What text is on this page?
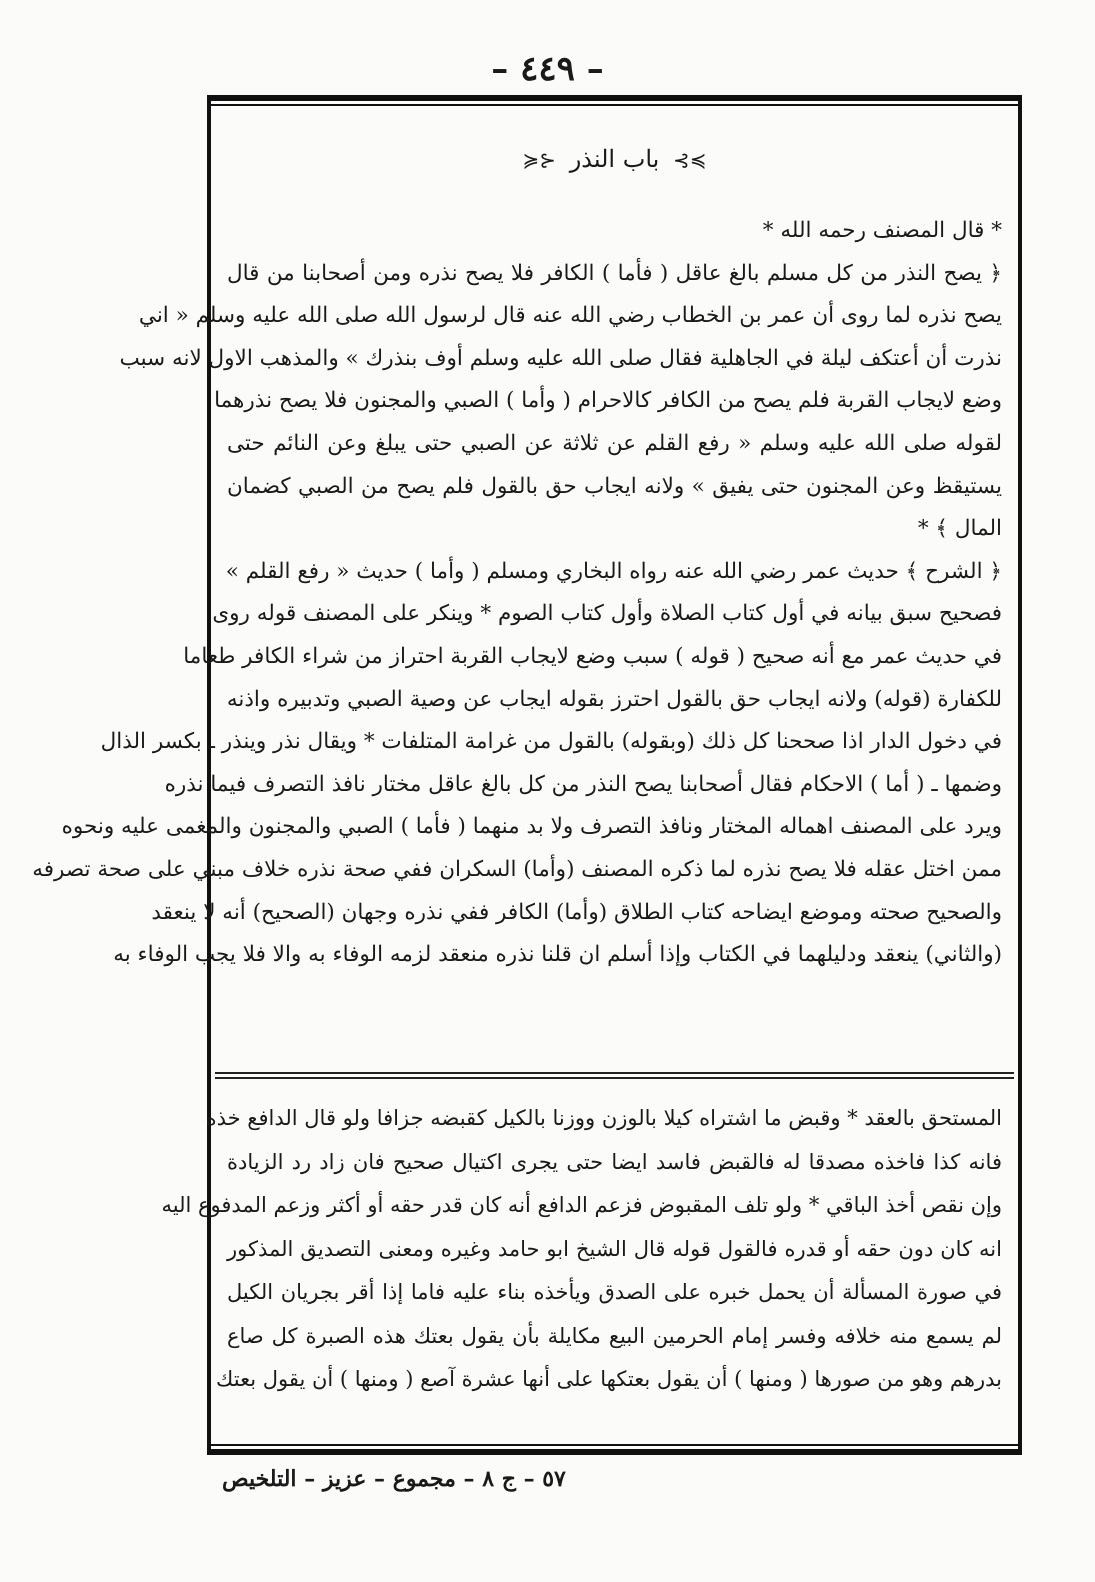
– ٤٤٩ –
≽⊱ باب النذر ⊰≼
* قال المصنف رحمه الله *
﴿ يصح النذر من كل مسلم بالغ عاقل ( فأما ) الكافر فلا يصح نذره ومن أصحابنا من قال
يصح نذره لما روى أن عمر بن الخطاب رضي الله عنه قال لرسول الله صلى الله عليه وسلم « اني
نذرت أن أعتكف ليلة في الجاهلية فقال صلى الله عليه وسلم أوف بنذرك » والمذهب الاول لانه سبب
وضع لايجاب القربة فلم يصح من الكافر كالاحرام ( وأما ) الصبي والمجنون فلا يصح نذرهما
لقوله صلى الله عليه وسلم « رفع القلم عن ثلاثة عن الصبي حتى يبلغ وعن النائم حتى
يستيقظ وعن المجنون حتى يفيق » ولانه ايجاب حق بالقول فلم يصح من الصبي كضمان
المال ﴾ *
﴿ الشرح ﴾ حديث عمر رضي الله عنه رواه البخاري ومسلم ( وأما ) حديث « رفع القلم »
فصحيح سبق بيانه في أول كتاب الصلاة وأول كتاب الصوم * وينكر على المصنف قوله روى
في حديث عمر مع أنه صحيح ( قوله ) سبب وضع لايجاب القربة احتراز من شراء الكافر طعاما
للكفارة (قوله) ولانه ايجاب حق بالقول احترز بقوله ايجاب عن وصية الصبي وتدبيره واذنه
في دخول الدار اذا صححنا كل ذلك (وبقوله) بالقول من غرامة المتلفات * ويقال نذر وينذر ـ بكسر الذال
وضمها ـ ( أما ) الاحكام فقال أصحابنا يصح النذر من كل بالغ عاقل مختار نافذ التصرف فيما نذره
ويرد على المصنف اهماله المختار ونافذ التصرف ولا بد منهما ( فأما ) الصبي والمجنون والمغمى عليه ونحوه
ممن اختل عقله فلا يصح نذره لما ذكره المصنف (وأما) السكران ففي صحة نذره خلاف مبني على صحة تصرفه
والصحيح صحته وموضع ايضاحه كتاب الطلاق (وأما) الكافر ففي نذره وجهان (الصحيح) أنه لا ينعقد
(والثاني) ينعقد ودليلهما في الكتاب وإذا أسلم ان قلنا نذره منعقد لزمه الوفاء به والا فلا يجب الوفاء به
المستحق بالعقد * وقبض ما اشتراه كيلا بالوزن ووزنا بالكيل كقبضه جزافا ولو قال الدافع خذه
فانه كذا فاخذه مصدقا له فالقبض فاسد ايضا حتى يجرى اكتيال صحيح فان زاد رد الزيادة
وإن نقص أخذ الباقي * ولو تلف المقبوض فزعم الدافع أنه كان قدر حقه أو أكثر وزعم المدفوع اليه
انه كان دون حقه أو قدره فالقول قوله قال الشيخ ابو حامد وغيره ومعنى التصديق المذكور
في صورة المسألة أن يحمل خبره على الصدق ويأخذه بناء عليه فاما إذا أقر بجريان الكيل
لم يسمع منه خلافه وفسر إمام الحرمين البيع مكايلة بأن يقول بعتك هذه الصبرة كل صاع
بدرهم وهو من صورها ( ومنها ) أن يقول بعتكها على أنها عشرة آصع ( ومنها ) أن يقول بعتك
٥٧ – ج ٨ – مجموع – عزيز – التلخيص
